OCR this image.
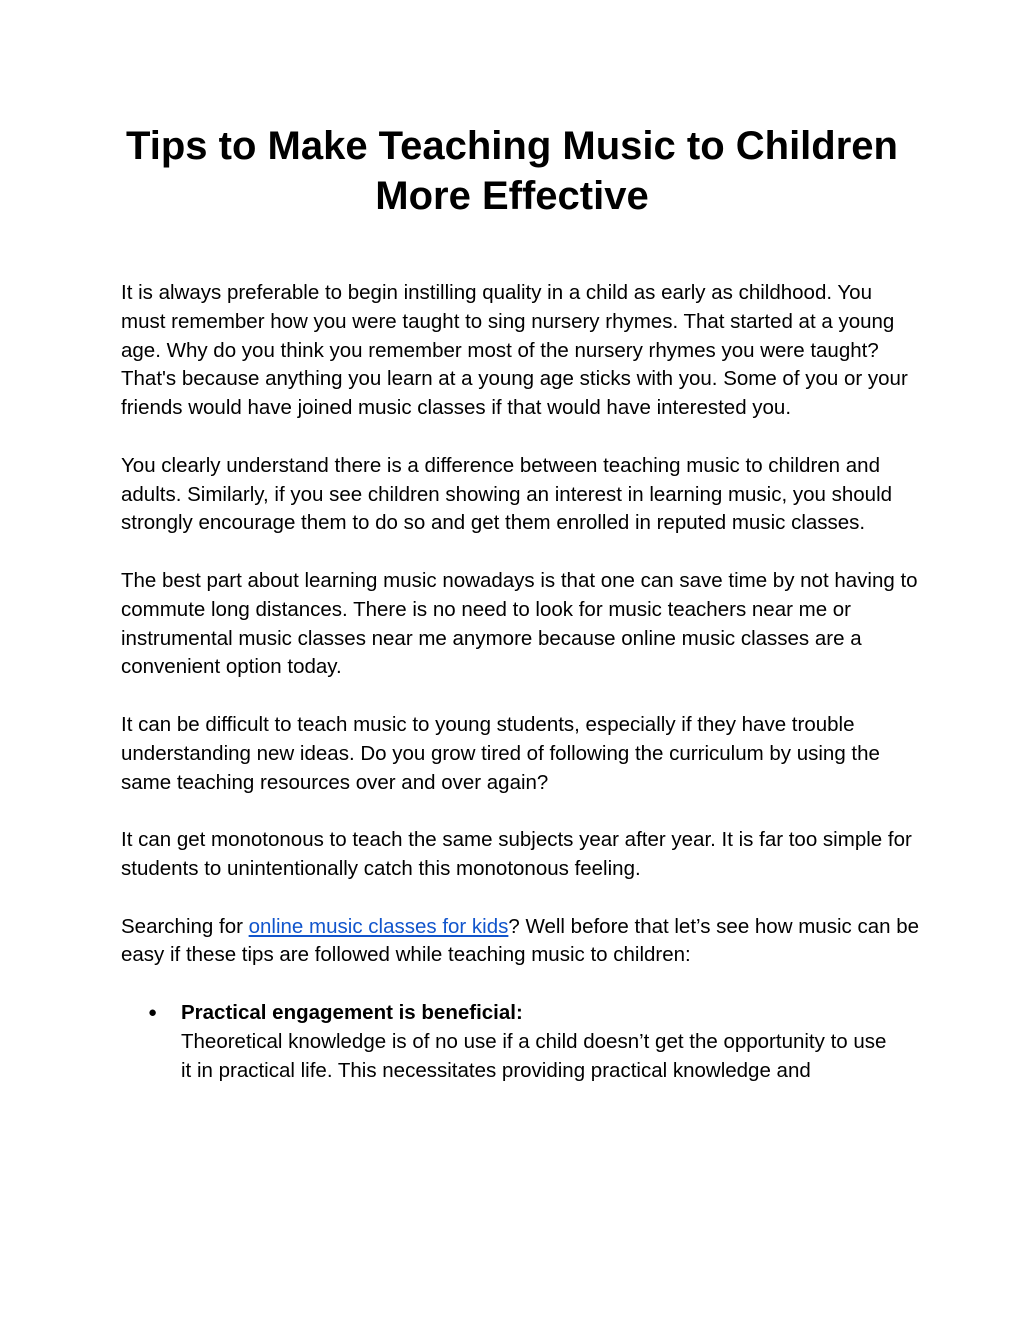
Tips to Make Teaching Music to Children
More Effective

It is always preferable to begin instilling quality in a child as early as childhood. You must remember how you were taught to sing nursery rhymes. That started at a young age. Why do you think you remember most of the nursery rhymes you were taught? That's because anything you learn at a young age sticks with you. Some of you or your friends would have joined music classes if that would have interested you.

You clearly understand there is a difference between teaching music to children and adults. Similarly, if you see children showing an interest in learning music, you should strongly encourage them to do so and get them enrolled in reputed music classes.

The best part about learning music nowadays is that one can save time by not having to commute long distances. There is no need to look for music teachers near me or instrumental music classes near me anymore because online music classes are a convenient option today.

It can be difficult to teach music to young students, especially if they have trouble understanding new ideas. Do you grow tired of following the curriculum by using the same teaching resources over and over again?

It can get monotonous to teach the same subjects year after year. It is far too simple for students to unintentionally catch this monotonous feeling.

Searching for online music classes for kids? Well before that let’s see how music can be easy if these tips are followed while teaching music to children:

● Practical engagement is beneficial:

Theoretical knowledge is of no use if a child doesn’t get the opportunity to use it in practical life. This necessitates providing practical knowledge and
